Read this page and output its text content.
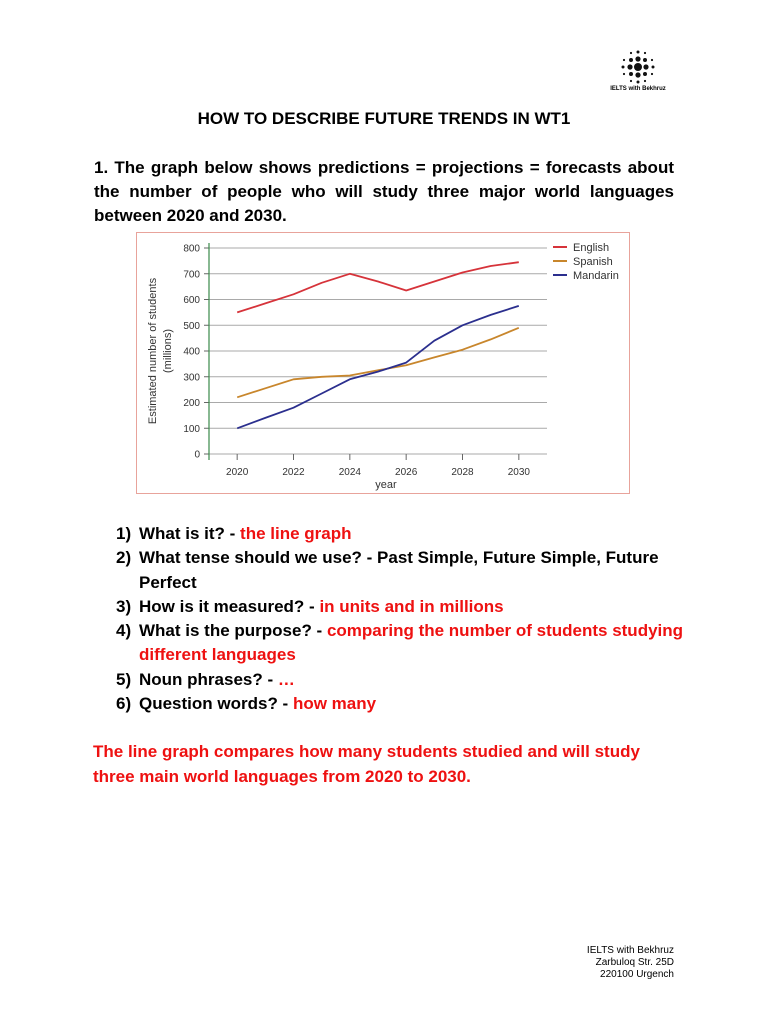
IELTS with Bekhruz
HOW TO DESCRIBE FUTURE TRENDS IN WT1
1. The graph below shows predictions = projections = forecasts about the number of people who will study three major world languages between 2020 and 2030.
0
100
200
300
400
500
600
700
800
2020	2022	2024	2026	2028	2030
year
Estimated number of students (millions)
English
Spanish
Mandarin
1) What is it? - the line graph
2) What tense should we use? - Past Simple, Future Simple, Future Perfect
3) How is it measured? - in units and in millions
4) What is the purpose? - comparing the number of students studying different languages
5) Noun phrases? - …
6) Question words? - how many
The line graph compares how many students studied and will study three main world languages from 2020 to 2030.
IELTS with Bekhruz
Zarbuloq Str. 25D
220100 Urgench
